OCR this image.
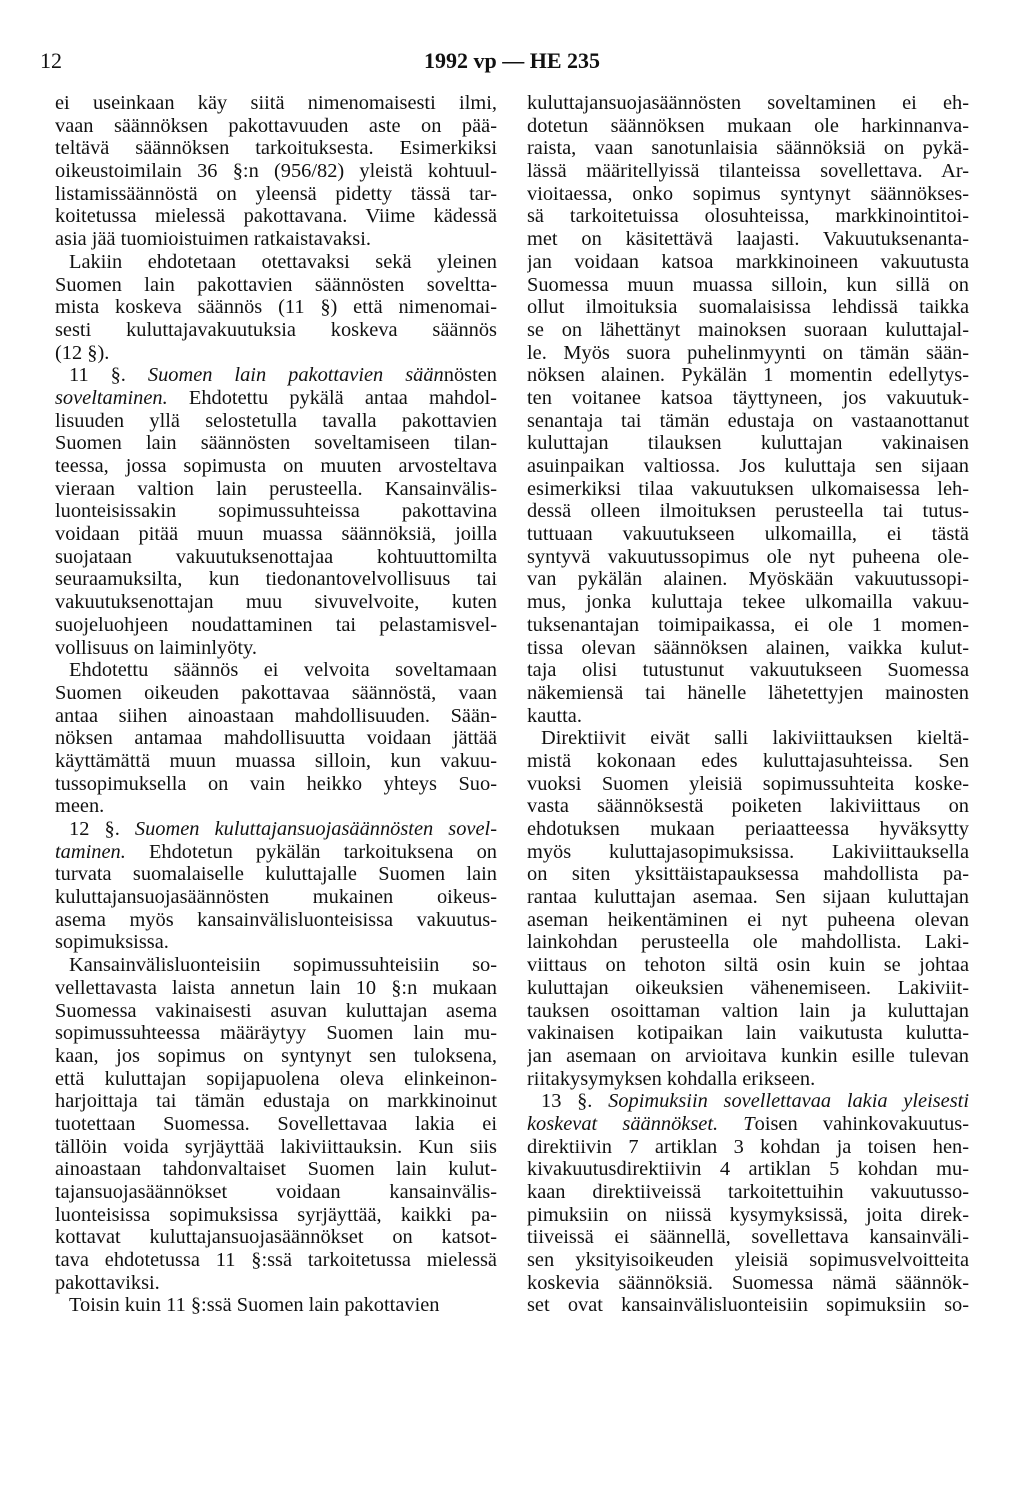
12	1992 vp — HE 235
ei useinkaan käy siitä nimenomaisesti ilmi,
vaan säännöksen pakottavuuden aste on pää-
teltävä säännöksen tarkoituksesta. Esimerkiksi
oikeustoimilain 36 §:n (956/82) yleistä kohtuul-
listamissäännöstä on yleensä pidetty tässä tar-
koitetussa mielessä pakottavana. Viime kädessä
asia jää tuomioistuimen ratkaistavaksi.
Lakiin ehdotetaan otettavaksi sekä yleinen
Suomen lain pakottavien säännösten soveltta-
mista koskeva säännös (11 §) että nimenomai-
sesti kuluttajavakuutuksia koskeva säännös
(12 §).
11 §. Suomen lain pakottavien säännösten
soveltaminen. Ehdotettu pykälä antaa mahdol-
lisuuden yllä selostetulla tavalla pakottavien
Suomen lain säännösten soveltamiseen tilan-
teessa, jossa sopimusta on muuten arvosteltava
vieraan valtion lain perusteella. Kansainvälis-
luonteisissakin sopimussuhteissa pakottavina
voidaan pitää muun muassa säännöksiä, joilla
suojataan vakuutuksenottajaa kohtuuttomilta
seuraamuksilta, kun tiedonantovelvollisuus tai
vakuutuksenottajan muu sivuvelvoite, kuten
suojeluohjeen noudattaminen tai pelastamisvel-
vollisuus on laiminlyöty.
Ehdotettu säännös ei velvoita soveltamaan
Suomen oikeuden pakottavaa säännöstä, vaan
antaa siihen ainoastaan mahdollisuuden. Sään-
nöksen antamaa mahdollisuutta voidaan jättää
käyttämättä muun muassa silloin, kun vakuu-
tussopimuksella on vain heikko yhteys Suo-
meen.
12 §. Suomen kuluttajansuojasäännösten sovel-
taminen. Ehdotetun pykälän tarkoituksena on
turvata suomalaiselle kuluttajalle Suomen lain
kuluttajansuojasäännösten mukainen oikeus-
asema myös kansainvälisluonteisissa vakuutus-
sopimuksissa.
Kansainvälisluonteisiin sopimussuhteisiin so-
vellettavasta laista annetun lain 10 §:n mukaan
Suomessa vakinaisesti asuvan kuluttajan asema
sopimussuhteessa määräytyy Suomen lain mu-
kaan, jos sopimus on syntynyt sen tuloksena,
että kuluttajan sopijapuolena oleva elinkeinon-
harjoittaja tai tämän edustaja on markkinoinut
tuotettaan Suomessa. Sovellettavaa lakia ei
tällöin voida syrjäyttää lakiviittauksin. Kun siis
ainoastaan tahdonvaltaiset Suomen lain kulut-
tajansuojasäännökset voidaan kansainvälis-
luonteisissa sopimuksissa syrjäyttää, kaikki pa-
kottavat kuluttajansuojasäännökset on katsot-
tava ehdotetussa 11 §:ssä tarkoitetussa mielessä
pakottaviksi.
Toisin kuin 11 §:ssä Suomen lain pakottavien
kuluttajansuojasäännösten soveltaminen ei eh-
dotetun säännöksen mukaan ole harkinnanva-
raista, vaan sanotunlaisia säännöksiä on pykä-
lässä määritellyissä tilanteissa sovellettava. Ar-
vioitaessa, onko sopimus syntynyt säännökses-
sä tarkoitetuissa olosuhteissa, markkinointitoi-
met on käsitettävä laajasti. Vakuutuksenanta-
jan voidaan katsoa markkinoineen vakuutusta
Suomessa muun muassa silloin, kun sillä on
ollut ilmoituksia suomalaisissa lehdissä taikka
se on lähettänyt mainoksen suoraan kuluttajal-
le. Myös suora puhelinmyynti on tämän sään-
nöksen alainen. Pykälän 1 momentin edellytys-
ten voitanee katsoa täyttyneen, jos vakuutuk-
senantaja tai tämän edustaja on vastaanottanut
kuluttajan tilauksen kuluttajan vakinaisen
asuinpaikan valtiossa. Jos kuluttaja sen sijaan
esimerkiksi tilaa vakuutuksen ulkomaisessa leh-
dessä olleen ilmoituksen perusteella tai tutus-
tuttuaan vakuutukseen ulkomailla, ei tästä
syntyvä vakuutussopimus ole nyt puheena ole-
van pykälän alainen. Myöskään vakuutussopi-
mus, jonka kuluttaja tekee ulkomailla vakuu-
tuksenantajan toimipaikassa, ei ole 1 momen-
tissa olevan säännöksen alainen, vaikka kulut-
taja olisi tutustunut vakuutukseen Suomessa
näkemiensä tai hänelle lähetettyjen mainosten
kautta.
Direktiivit eivät salli lakiviittauksen kieltä-
mistä kokonaan edes kuluttajasuhteissa. Sen
vuoksi Suomen yleisiä sopimussuhteita koske-
vasta säännöksestä poiketen lakiviittaus on
ehdotuksen mukaan periaatteessa hyväksytty
myös kuluttajasopimuksissa. Lakiviittauksella
on siten yksittäistapauksessa mahdollista pa-
rantaa kuluttajan asemaa. Sen sijaan kuluttajan
aseman heikentäminen ei nyt puheena olevan
lainkohdan perusteella ole mahdollista. Laki-
viittaus on tehoton siltä osin kuin se johtaa
kuluttajan oikeuksien vähenemiseen. Lakiviit-
tauksen osoittaman valtion lain ja kuluttajan
vakinaisen kotipaikan lain vaikutusta kulutta-
jan asemaan on arvioitava kunkin esille tulevan
riitakysymyksen kohdalla erikseen.
13 §. Sopimuksiin sovellettavaa lakia yleisesti
koskevat säännökset. Toisen vahinkovakuutus-
direktiivin 7 artiklan 3 kohdan ja toisen hen-
kivakuutusdirektiivin 4 artiklan 5 kohdan mu-
kaan direktiiveissä tarkoitettuihin vakuutusso-
pimuksiin on niissä kysymyksissä, joita direk-
tiiveissä ei säännellä, sovellettava kansainväli-
sen yksityisoikeuden yleisiä sopimusvelvoitteita
koskevia säännöksiä. Suomessa nämä säännök-
set ovat kansainvälisluonteisiin sopimuksiin so-
